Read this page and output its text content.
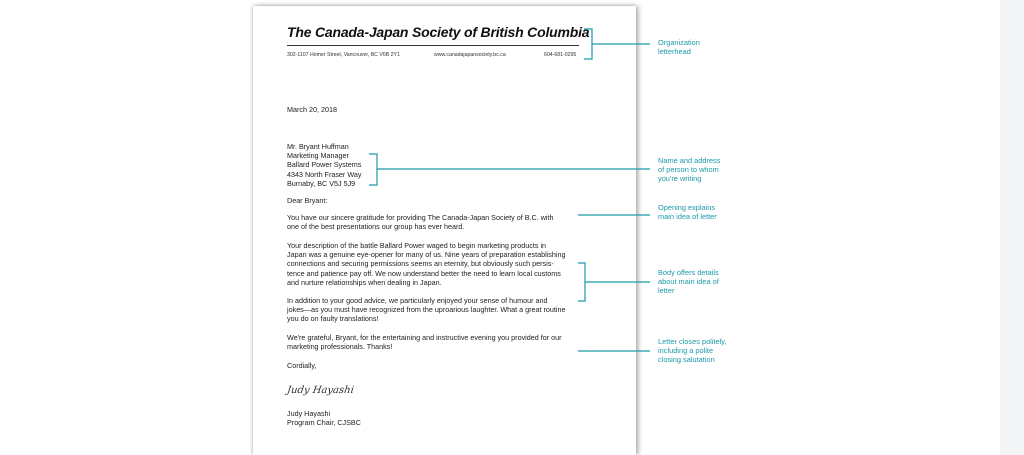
The Canada-Japan Society of British Columbia
302-1107 Homer Street, Vancouver, BC V6B 2Y1	www.canadajapansociety.bc.ca	604-681-0295

March 20, 2018

Mr. Bryant Huffman

Marketing Manager

Ballard Power Systems

4343 North Fraser Way

Burnaby, BC V5J 5J9

Dear Bryant:

You have our sincere gratitude for providing The Canada-Japan Society of B.C. with

one of the best presentations our group has ever heard.

Your description of the battle Ballard Power waged to begin marketing products in

Japan was a genuine eye-opener for many of us. Nine years of preparation establishing

connections and securing permissions seems an eternity, but obviously such persis-

tence and patience pay off. We now understand better the need to learn local customs

and nurture relationships when dealing in Japan.

In addition to your good advice, we particularly enjoyed your sense of humour and

jokes—as you must have recognized from the uproarious laughter. What a great routine

you do on faulty translations!

We're grateful, Bryant, for the entertaining and instructive evening you provided for our

marketing professionals. Thanks!

Cordially,

Judy Hayashi

Judy Hayashi

Program Chair, CJSBC

Organization
letterhead
Name and address
of person to whom
you're writing
Opening explains
main idea of letter
Body offers details
about main idea of
letter
Letter closes politely,
including a polite
closing salutation
